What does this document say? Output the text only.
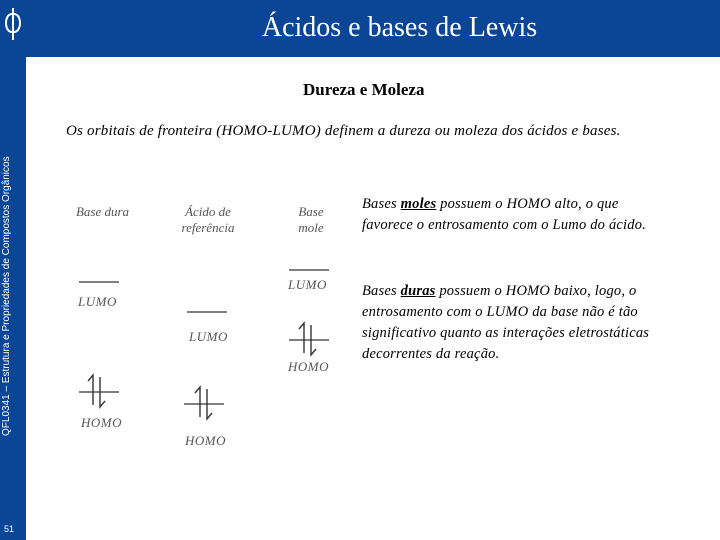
QFL0341 – Estrutura e Propriedades de Compostos Orgânicos
51
Ácidos e bases de Lewis
Dureza e Moleza
Os orbitais de fronteira (HOMO-LUMO) definem a dureza ou moleza dos ácidos e bases.
Bases moles possuem o HOMO alto, o que favorece o entrosamento com o Lumo do ácido.
Bases duras possuem o HOMO baixo, logo, o entrosamento com o LUMO da base não é tão significativo quanto as interações eletrostáticas decorrentes da reação.
Base dura	Ácido de referência
Base mole
LUMO
LUMO
LUMO
HOMO
HOMO
HOMO
